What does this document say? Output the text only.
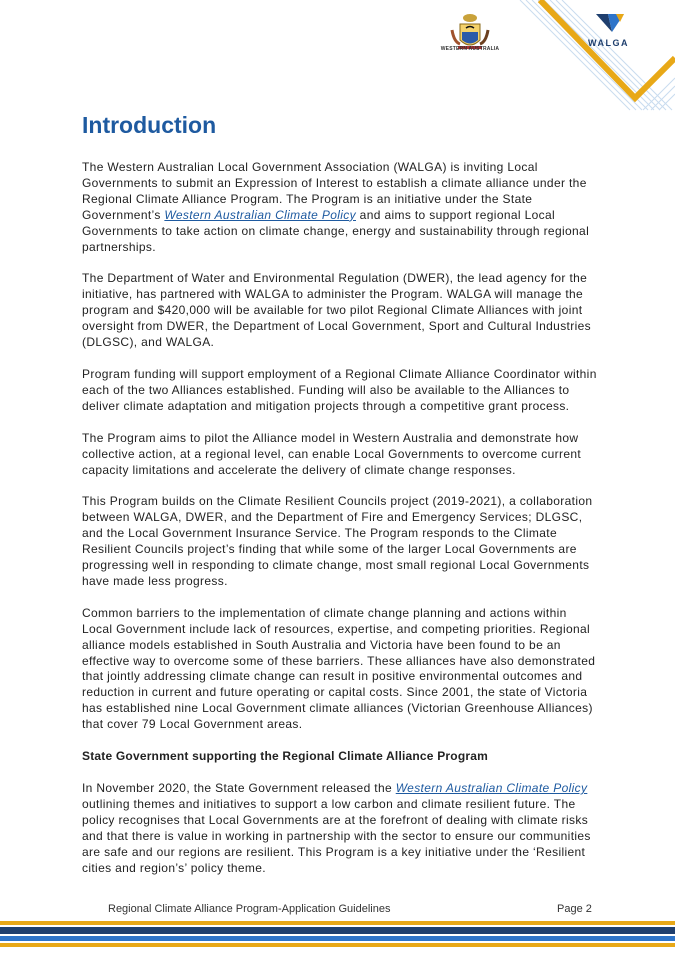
WESTERN AUSTRALIA
WALGA
Introduction

The Western Australian Local Government Association (WALGA) is inviting Local Governments to submit an Expression of Interest to establish a climate alliance under the Regional Climate Alliance Program. The Program is an initiative under the State Government’s Western Australian Climate Policy and aims to support regional Local Governments to take action on climate change, energy and sustainability through regional partnerships.

The Department of Water and Environmental Regulation (DWER), the lead agency for the initiative, has partnered with WALGA to administer the Program. WALGA will manage the program and $420,000 will be available for two pilot Regional Climate Alliances with joint oversight from DWER, the Department of Local Government, Sport and Cultural Industries (DLGSC), and WALGA.

Program funding will support employment of a Regional Climate Alliance Coordinator within each of the two Alliances established. Funding will also be available to the Alliances to deliver climate adaptation and mitigation projects through a competitive grant process.

The Program aims to pilot the Alliance model in Western Australia and demonstrate how collective action, at a regional level, can enable Local Governments to overcome current capacity limitations and accelerate the delivery of climate change responses.

This Program builds on the Climate Resilient Councils project (2019-2021), a collaboration between WALGA, DWER, and the Department of Fire and Emergency Services; DLGSC, and the Local Government Insurance Service. The Program responds to the Climate Resilient Councils project’s finding that while some of the larger Local Governments are progressing well in responding to climate change, most small regional Local Governments have made less progress.

Common barriers to the implementation of climate change planning and actions within Local Government include lack of resources, expertise, and competing priorities. Regional alliance models established in South Australia and Victoria have been found to be an effective way to overcome some of these barriers. These alliances have also demonstrated that jointly addressing climate change can result in positive environmental outcomes and reduction in current and future operating or capital costs. Since 2001, the state of Victoria has established nine Local Government climate alliances (Victorian Greenhouse Alliances) that cover 79 Local Government areas.

State Government supporting the Regional Climate Alliance Program

In November 2020, the State Government released the Western Australian Climate Policy outlining themes and initiatives to support a low carbon and climate resilient future. The policy recognises that Local Governments are at the forefront of dealing with climate risks and that there is value in working in partnership with the sector to ensure our communities are safe and our regions are resilient. This Program is a key initiative under the ‘Resilient cities and region’s’ policy theme.

Regional Climate Alliance Program-Application Guidelines	Page 2
